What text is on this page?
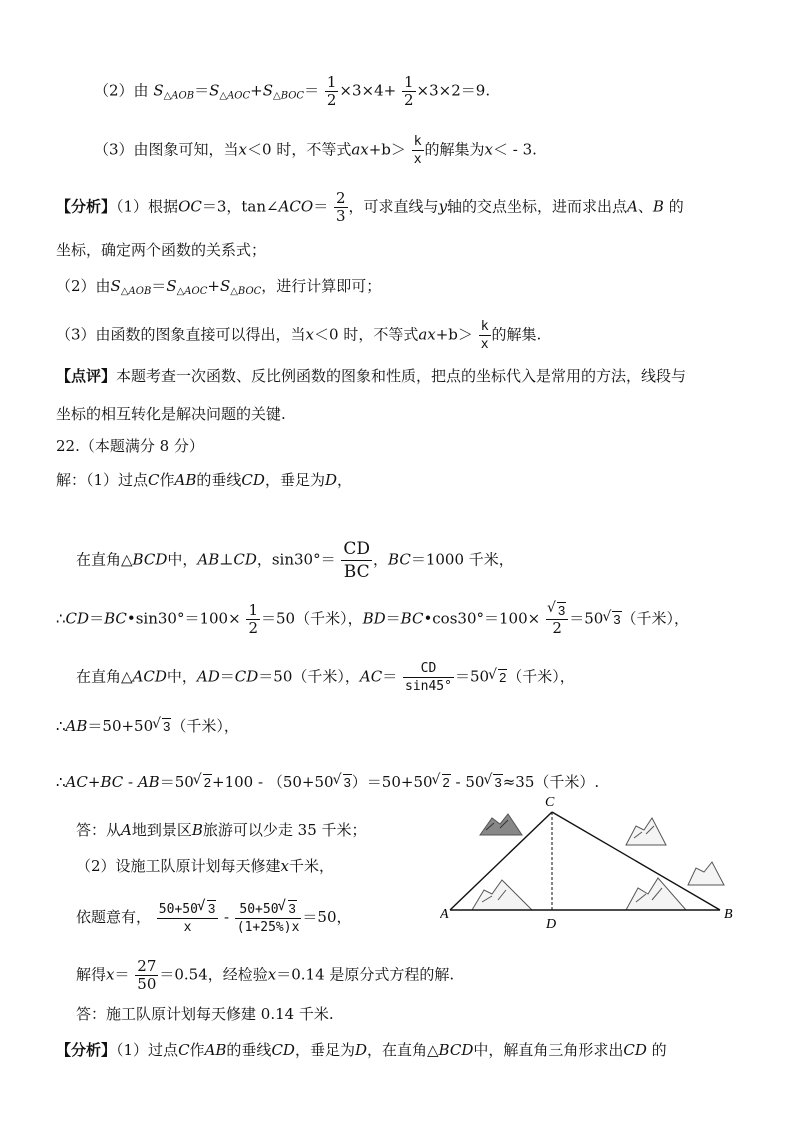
（2）由 $S_{\triangle AOB}=S_{\triangle AOC}+S_{\triangle BOC}= \frac{1}{2} \times 3\times 4+ \frac{1}{2} \times 3\times 2=9$.
（3）由图象可知，当x＜0 时，不等式$ax+b> \frac{k}{x}$ 的解集为x＜ - 3.
【分析】（1）根据OC＝3，tan∠ACO＝ $\frac{2}{3}$ ，可求直线与y轴的交点坐标，进而求出点A、B 的
坐标，确定两个函数的关系式；
（2）由$S_{\triangle AOB}=S_{\triangle AOC}+S_{\triangle BOC}$，进行计算即可；
（3）由函数的图象直接可以得出，当x＜0 时，不等式$ax+b> \frac{k}{x}$ 的解集.
【点评】本题考查一次函数、反比例函数的图象和性质，把点的坐标代入是常用的方法，线段与
坐标的相互转化是解决问题的关键.
22.（本题满分 8 分）
解：（1）过点C作AB的垂线CD，垂足为D，
在直角△BCD中，AB⊥CD，$\sin 30^\circ= \frac{CD}{BC}$ ，BC＝1000 千米，
∴CD＝BC•sin30°＝100× $\frac{1}{2} =50$（千米），BD＝BC•cos30°＝100×
√ $\frac{3}{2} =50√$ 3（千米），
在直角△ACD中，AD＝CD＝50（千米），$AC= \frac{CD}{\sin 45^\circ} =50√$ 2（千米），
∴AB＝50+50√ 3（千米），
∴AC+BC - AB＝50√ 2+100 - （50+50√ 3）＝50+50√ 2 - 50√ 3≈35（千米）.
答：从A地到景区B旅游可以少走 35 千米；
（2）设施工队原计划每天修建x千米，
依题意有， $\frac{50+50√ 3}{x} - \frac{50+50√ 3}{(1+25\%)x} =50$，
解得$x= \frac{27}{50} =0.54$，经检验x＝0.14 是原分式方程的解.
答：施工队原计划每天修建 0.14 千米.
【分析】（1）过点C作AB的垂线CD，垂足为D，在直角△BCD中，解直角三角形求出CD 的
A	B
C
D
